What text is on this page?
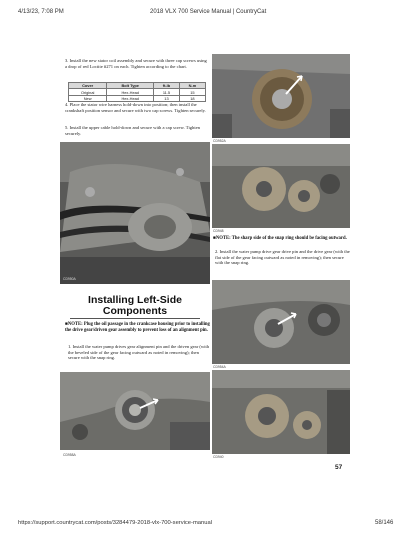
4/13/23, 7:08 PM	2018 VLX 700 Service Manual | CountryCat
https://support.countrycat.com/posts/3284479-2018-vlx-700-service-manual	58/146
3. Install the new stator coil assembly and secure with three cap screws using a drop of red Loctite #271 on each. Tighten according to the chart.
Cover	Bolt Type	ft-lb	N-m
Original	Hex-Head	11.5	15
New	Hex-Head	13	18
4. Place the stator wire harness hold-down into position; then install the crankshaft position sensor and secure with two cap screws. Tighten securely.
5. Install the upper cable hold-down and secure with a cap screw. Tighten securely.
CD950A
Installing Left-Side
Components
■NOTE: Plug the oil passage in the crankcase housing prior to installing the drive gear/driven gear assembly to prevent loss of an alignment pin.
1. Install the water pump drives gear alignment pin and the driven gear (with the beveled side of the gear facing outward as noted in removing); then secure with the snap ring.
CD958A
CD952A
CD948
■NOTE: The sharp side of the snap ring should be facing outward.
2. Install the water pump drive gear drive pin and the drive gear (with the flat side of the gear facing outward as noted in removing); then secure with the snap ring.
CD954A
CD940
57
